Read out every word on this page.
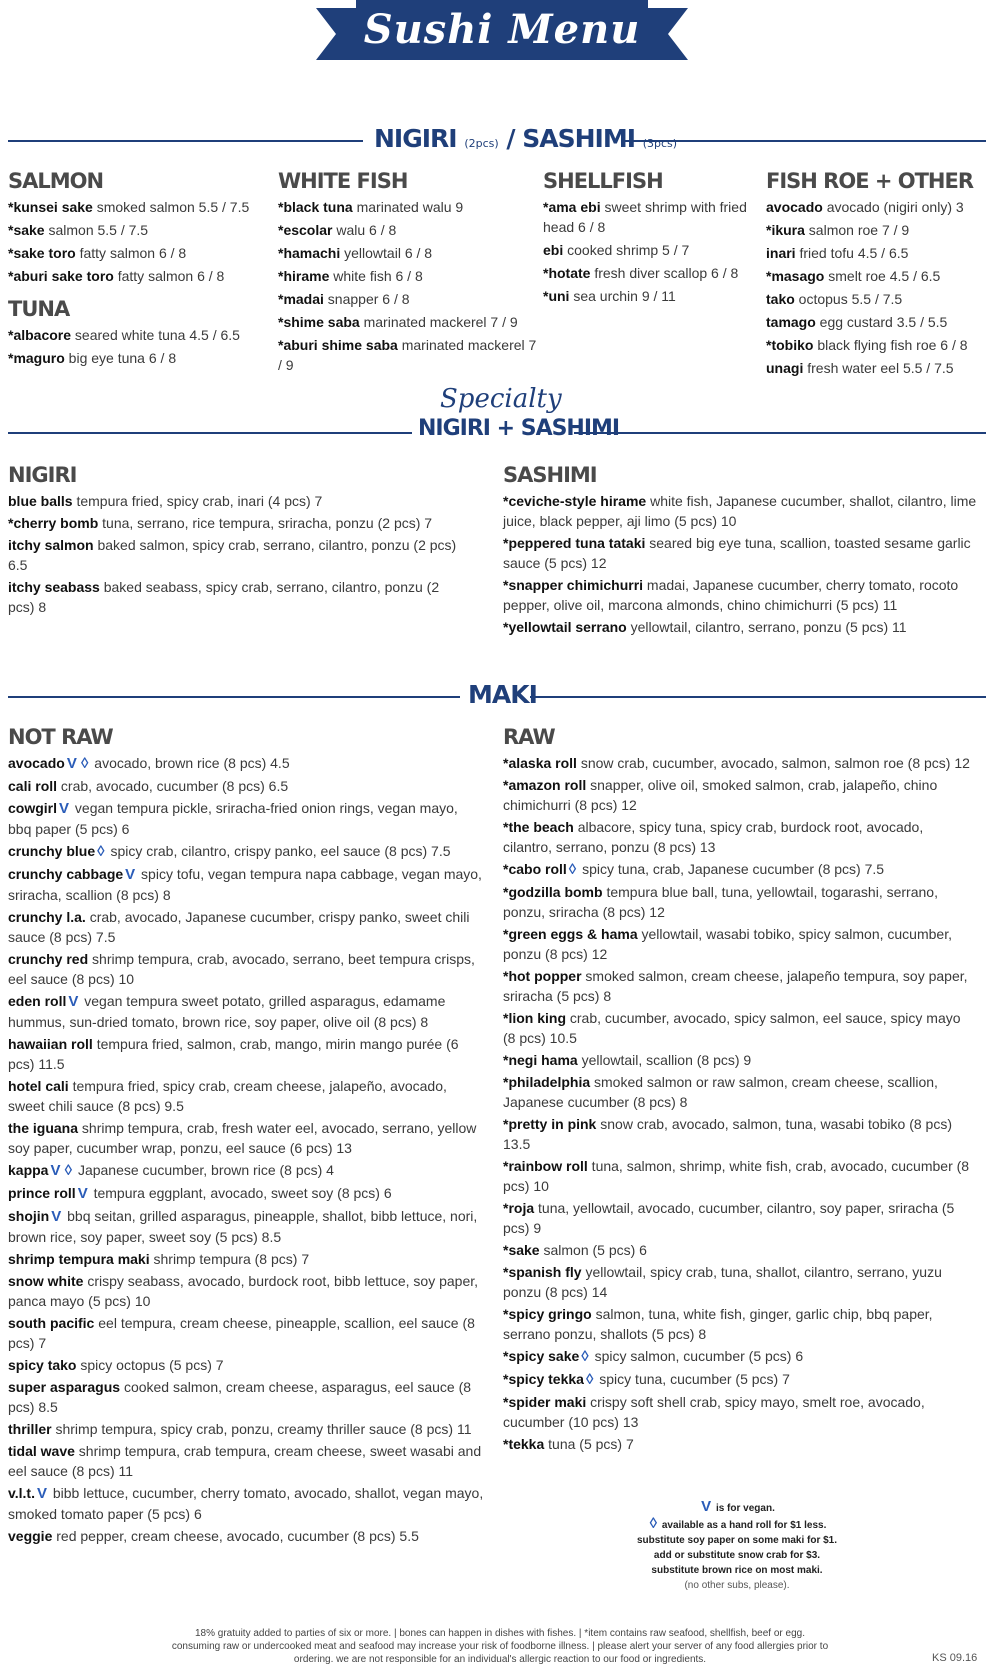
Sushi Menu
NIGIRI (2pcs) / SASHIMI (3pcs)
SALMON

*kunsei sake smoked salmon 5.5 / 7.5

*sake salmon 5.5 / 7.5

*sake toro fatty salmon 6 / 8

*aburi sake toro fatty salmon 6 / 8

TUNA

*albacore seared white tuna 4.5 / 6.5

*maguro big eye tuna 6 / 8

WHITE FISH

*black tuna marinated walu 9

*escolar walu 6 / 8

*hamachi yellowtail 6 / 8

*hirame white fish 6 / 8

*madai snapper 6 / 8

*shime saba marinated mackerel 7 / 9

*aburi shime saba marinated mackerel 7 / 9

SHELLFISH

*ama ebi sweet shrimp with fried head 6 / 8

ebi cooked shrimp 5 / 7

*hotate fresh diver scallop 6 / 8

*uni sea urchin 9 / 11

FISH ROE + OTHER

avocado avocado (nigiri only) 3

*ikura salmon roe 7 / 9

inari fried tofu 4.5 / 6.5

*masago smelt roe 4.5 / 6.5

tako octopus 5.5 / 7.5

tamago egg custard 3.5 / 5.5

*tobiko black flying fish roe 6 / 8

unagi fresh water eel 5.5 / 7.5

Specialty
NIGIRI + SASHIMI
NIGIRI

blue balls tempura fried, spicy crab, inari (4 pcs) 7

*cherry bomb tuna, serrano, rice tempura, sriracha, ponzu (2 pcs) 7

itchy salmon baked salmon, spicy crab, serrano, cilantro, ponzu (2 pcs) 6.5

itchy seabass baked seabass, spicy crab, serrano, cilantro, ponzu (2 pcs) 8

SASHIMI

*ceviche-style hirame white fish, Japanese cucumber, shallot, cilantro, lime juice, black pepper, aji limo (5 pcs) 10

*peppered tuna tataki seared big eye tuna, scallion, toasted sesame garlic sauce (5 pcs) 12

*snapper chimichurri madai, Japanese cucumber, cherry tomato, rocoto pepper, olive oil, marcona almonds, chino chimichurri (5 pcs) 11

*yellowtail serrano yellowtail, cilantro, serrano, ponzu (5 pcs) 11

MAKI
NOT RAW

avocado V ◊ avocado, brown rice (8 pcs) 4.5

cali roll crab, avocado, cucumber (8 pcs) 6.5

cowgirl V vegan tempura pickle, sriracha-fried onion rings, vegan mayo, bbq paper (5 pcs) 6

crunchy blue ◊ spicy crab, cilantro, crispy panko, eel sauce (8 pcs) 7.5

crunchy cabbage V spicy tofu, vegan tempura napa cabbage, vegan mayo, sriracha, scallion (8 pcs) 8

crunchy l.a. crab, avocado, Japanese cucumber, crispy panko, sweet chili sauce (8 pcs) 7.5

crunchy red shrimp tempura, crab, avocado, serrano, beet tempura crisps, eel sauce (8 pcs) 10

eden roll V vegan tempura sweet potato, grilled asparagus, edamame hummus, sun-dried tomato, brown rice, soy paper, olive oil (8 pcs) 8

hawaiian roll tempura fried, salmon, crab, mango, mirin mango purée (6 pcs) 11.5

hotel cali tempura fried, spicy crab, cream cheese, jalapeño, avocado, sweet chili sauce (8 pcs) 9.5

the iguana shrimp tempura, crab, fresh water eel, avocado, serrano, yellow soy paper, cucumber wrap, ponzu, eel sauce (6 pcs) 13

kappa V ◊ Japanese cucumber, brown rice (8 pcs) 4

prince roll V tempura eggplant, avocado, sweet soy (8 pcs) 6

shojin V bbq seitan, grilled asparagus, pineapple, shallot, bibb lettuce, nori, brown rice, soy paper, sweet soy (5 pcs) 8.5

shrimp tempura maki shrimp tempura (8 pcs) 7

snow white crispy seabass, avocado, burdock root, bibb lettuce, soy paper, panca mayo (5 pcs) 10

south pacific eel tempura, cream cheese, pineapple, scallion, eel sauce (8 pcs) 7

spicy tako spicy octopus (5 pcs) 7

super asparagus cooked salmon, cream cheese, asparagus, eel sauce (8 pcs) 8.5

thriller shrimp tempura, spicy crab, ponzu, creamy thriller sauce (8 pcs) 11

tidal wave shrimp tempura, crab tempura, cream cheese, sweet wasabi and eel sauce (8 pcs) 11

v.l.t. V bibb lettuce, cucumber, cherry tomato, avocado, shallot, vegan mayo, smoked tomato paper (5 pcs) 6

veggie red pepper, cream cheese, avocado, cucumber (8 pcs) 5.5

RAW

*alaska roll snow crab, cucumber, avocado, salmon, salmon roe (8 pcs) 12

*amazon roll snapper, olive oil, smoked salmon, crab, jalapeño, chino chimichurri (8 pcs) 12

*the beach albacore, spicy tuna, spicy crab, burdock root, avocado, cilantro, serrano, ponzu (8 pcs) 13

*cabo roll ◊ spicy tuna, crab, Japanese cucumber (8 pcs) 7.5

*godzilla bomb tempura blue ball, tuna, yellowtail, togarashi, serrano, ponzu, sriracha (8 pcs) 12

*green eggs & hama yellowtail, wasabi tobiko, spicy salmon, cucumber, ponzu (8 pcs) 12

*hot popper smoked salmon, cream cheese, jalapeño tempura, soy paper, sriracha (5 pcs) 8

*lion king crab, cucumber, avocado, spicy salmon, eel sauce, spicy mayo (8 pcs) 10.5

*negi hama yellowtail, scallion (8 pcs) 9

*philadelphia smoked salmon or raw salmon, cream cheese, scallion, Japanese cucumber (8 pcs) 8

*pretty in pink snow crab, avocado, salmon, tuna, wasabi tobiko (8 pcs) 13.5

*rainbow roll tuna, salmon, shrimp, white fish, crab, avocado, cucumber (8 pcs) 10

*roja tuna, yellowtail, avocado, cucumber, cilantro, soy paper, sriracha (5 pcs) 9

*sake salmon (5 pcs) 6

*spanish fly yellowtail, spicy crab, tuna, shallot, cilantro, serrano, yuzu ponzu (8 pcs) 14

*spicy gringo salmon, tuna, white fish, ginger, garlic chip, bbq paper, serrano ponzu, shallots (5 pcs) 8

*spicy sake ◊ spicy salmon, cucumber (5 pcs) 6

*spicy tekka ◊ spicy tuna, cucumber (5 pcs) 7

*spider maki crispy soft shell crab, spicy mayo, smelt roe, avocado, cucumber (10 pcs) 13

*tekka tuna (5 pcs) 7

V is for vegan.
◊ available as a hand roll for $1 less.
substitute soy paper on some maki for $1.
add or substitute snow crab for $3.
substitute brown rice on most maki.
(no other subs, please).
18% gratuity added to parties of six or more. | bones can happen in dishes with fishes. | *item contains raw seafood, shellfish, beef or egg.
consuming raw or undercooked meat and seafood may increase your risk of foodborne illness. | please alert your server of any food allergies prior to
ordering. we are not responsible for an individual's allergic reaction to our food or ingredients.	KS 09.16
